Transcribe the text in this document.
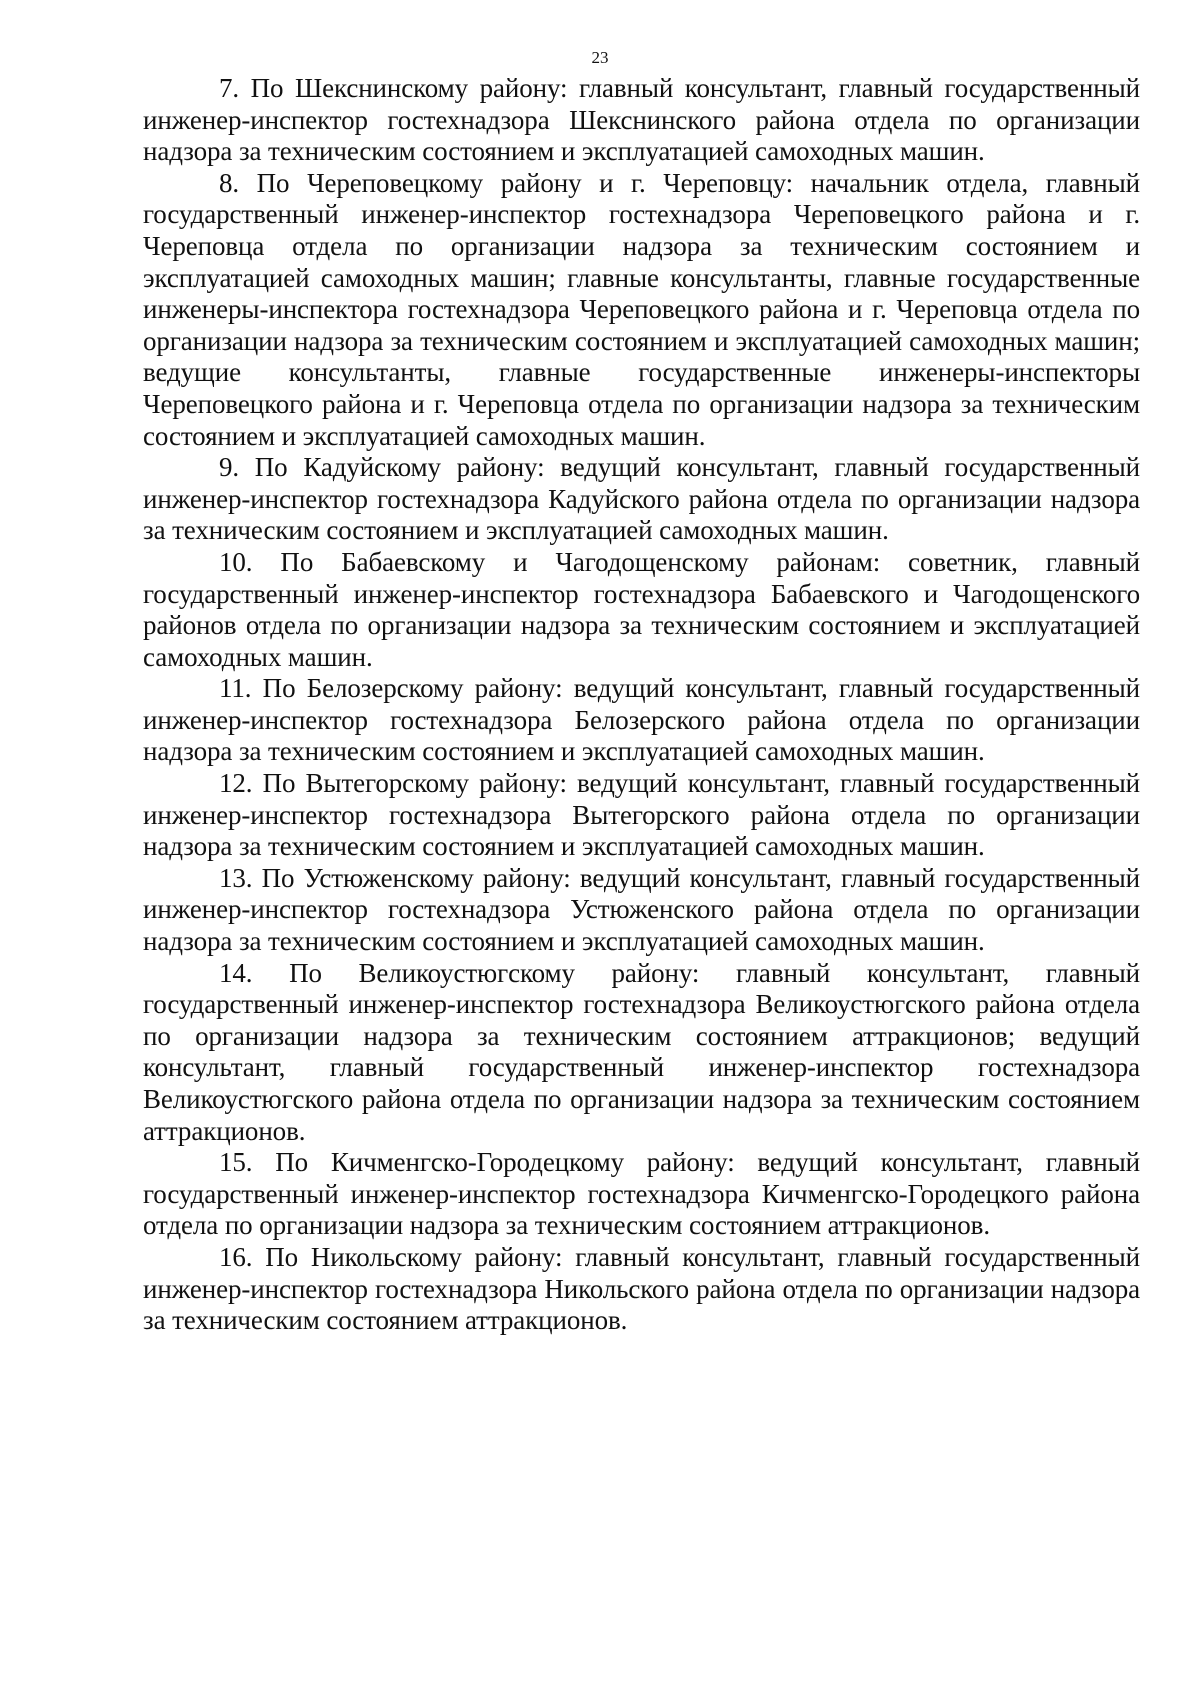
23

7. По Шекснинскому району: главный консультант, главный государственный инженер-инспектор гостехнадзора Шекснинского района отдела по организации надзора за техническим состоянием и эксплуатацией самоходных машин.

8. По Череповецкому району и г. Череповцу: начальник отдела, главный государственный инженер-инспектор гостехнадзора Череповецкого района и г. Череповца отдела по организации надзора за техническим состоянием и эксплуатацией самоходных машин; главные консультанты, главные государственные инженеры-инспектора гостехнадзора Череповецкого района и г. Череповца отдела по организации надзора за техническим состоянием и эксплуатацией самоходных машин; ведущие консультанты, главные государственные инженеры-инспекторы Череповецкого района и г. Череповца отдела по организации надзора за техническим состоянием и эксплуатацией самоходных машин.

9. По Кадуйскому району: ведущий консультант, главный государственный инженер-инспектор гостехнадзора Кадуйского района отдела по организации надзора за техническим состоянием и эксплуатацией самоходных машин.

10. По Бабаевскому и Чагодощенскому районам: советник, главный государственный инженер-инспектор гостехнадзора Бабаевского и Чагодощенского районов отдела по организации надзора за техническим состоянием и эксплуатацией самоходных машин.

11. По Белозерскому району: ведущий консультант, главный государственный инженер-инспектор гостехнадзора Белозерского района отдела по организации надзора за техническим состоянием и эксплуатацией самоходных машин.

12. По Вытегорскому району: ведущий консультант, главный государственный инженер-инспектор гостехнадзора Вытегорского района отдела по организации надзора за техническим состоянием и эксплуатацией самоходных машин.

13. По Устюженскому району: ведущий консультант, главный государственный инженер-инспектор гостехнадзора Устюженского района отдела по организации надзора за техническим состоянием и эксплуатацией самоходных машин.

14. По Великоустюгскому району: главный консультант, главный государственный инженер-инспектор гостехнадзора Великоустюгского района отдела по организации надзора за техническим состоянием аттракционов; ведущий консультант, главный государственный инженер-инспектор гостехнадзора Великоустюгского района отдела по организации надзора за техническим состоянием аттракционов.

15. По Кичменгско-Городецкому району: ведущий консультант, главный государственный инженер-инспектор гостехнадзора Кичменгско-Городецкого района отдела по организации надзора за техническим состоянием аттракционов.

16. По Никольскому району: главный консультант, главный государственный инженер-инспектор гостехнадзора Никольского района отдела по организации надзора за техническим состоянием аттракционов.
